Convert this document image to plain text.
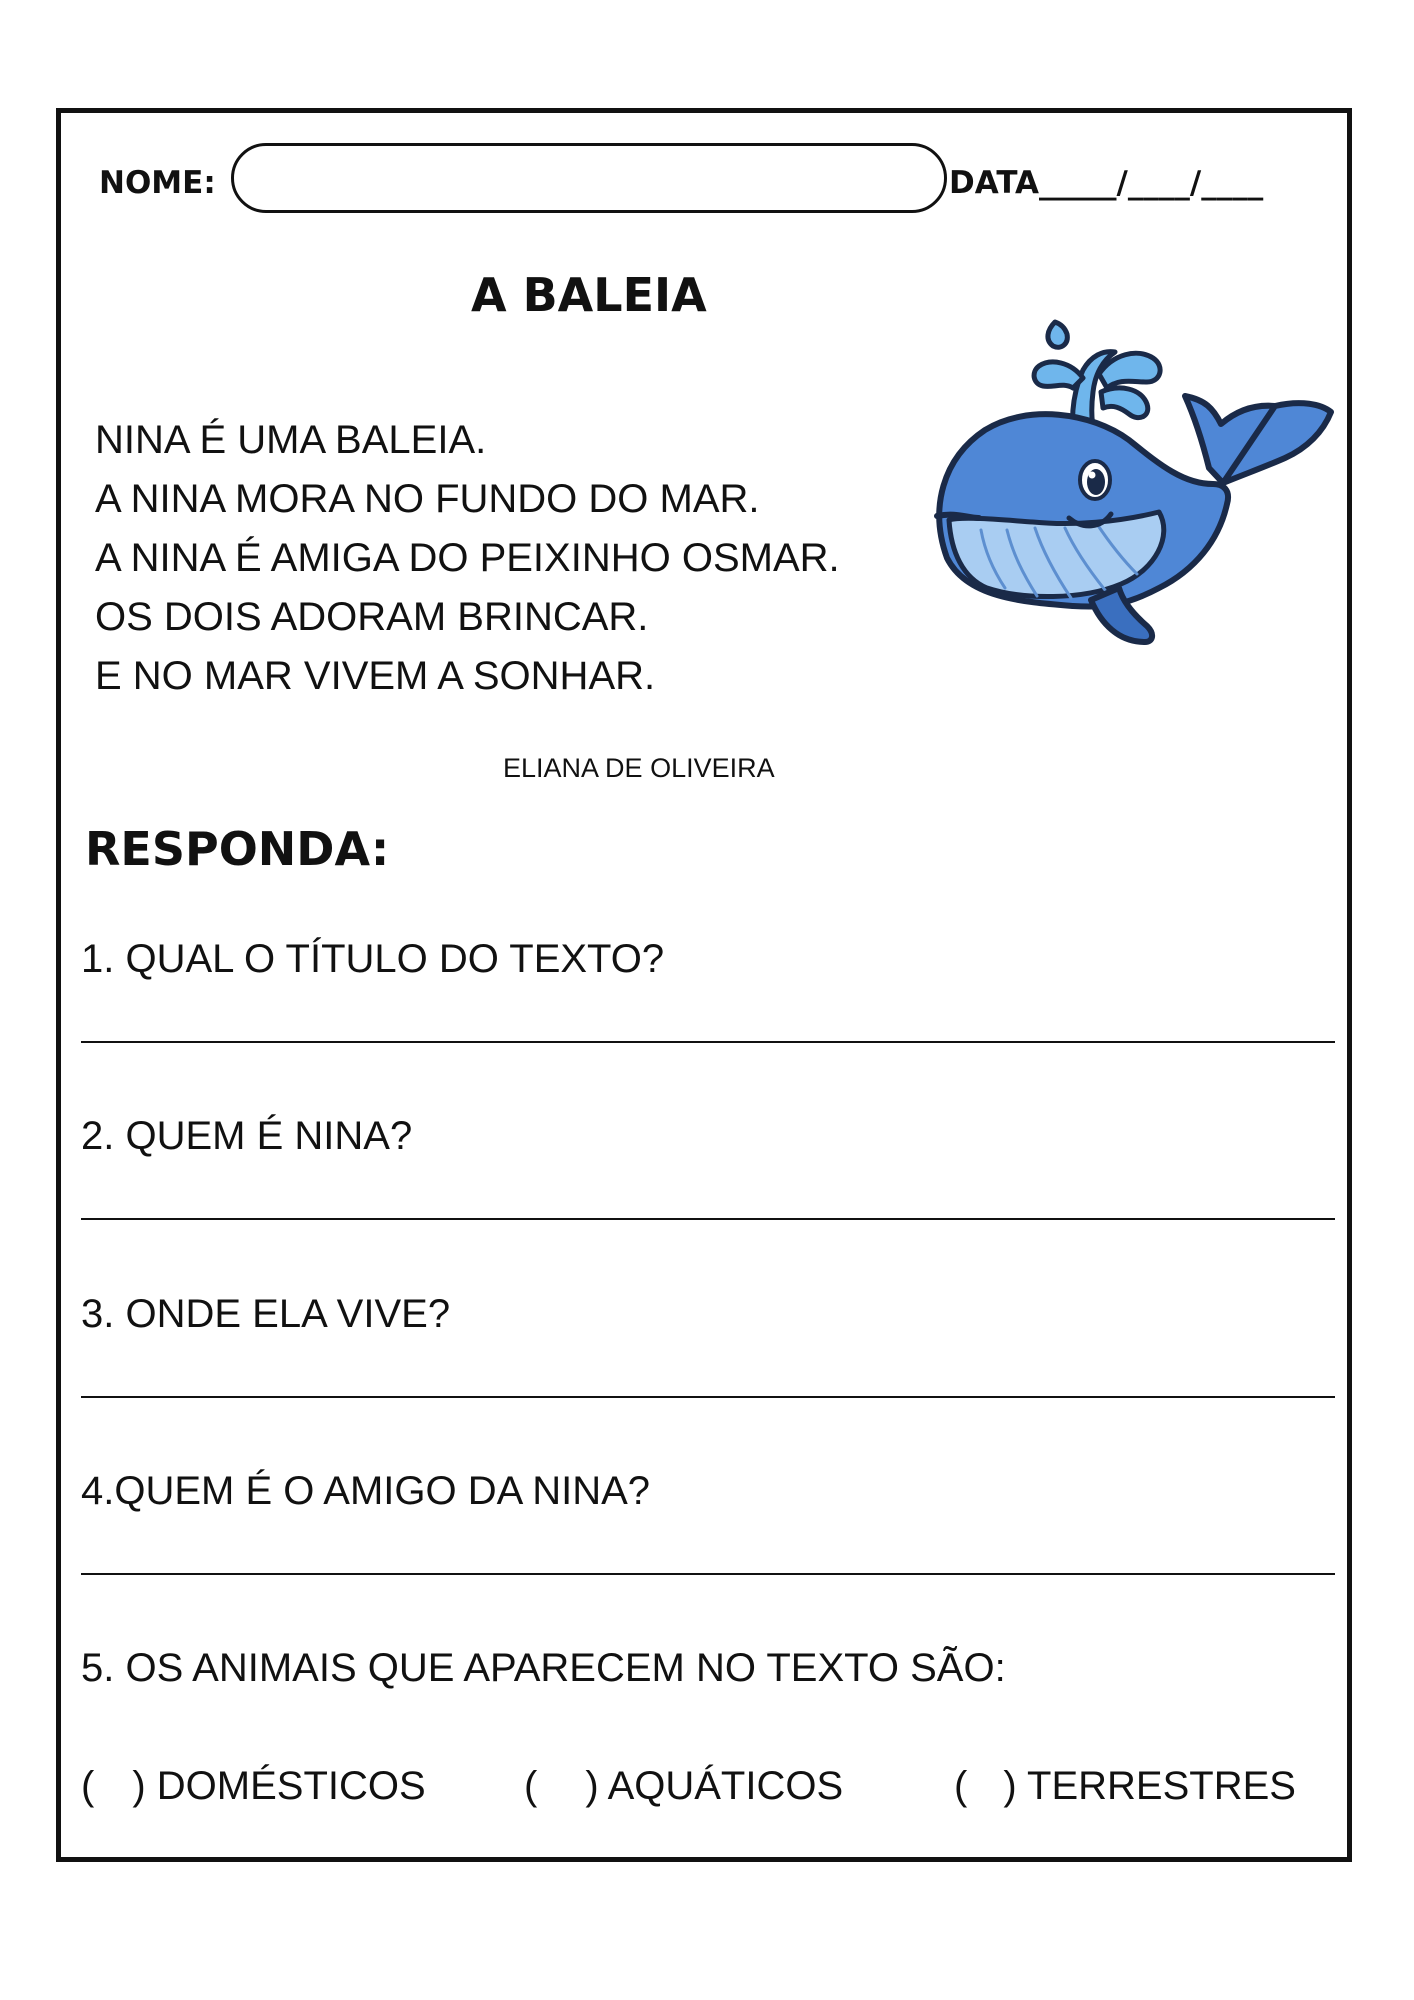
NOME:	DATA_____/____/____
A BALEIA
NINA É UMA BALEIA.
A NINA MORA NO FUNDO DO MAR.
A NINA É AMIGA DO PEIXINHO OSMAR.
OS DOIS ADORAM BRINCAR.
E NO MAR VIVEM A SONHAR.
ELIANA DE OLIVEIRA
RESPONDA:
1. QUAL O TÍTULO DO TEXTO?
2. QUEM É NINA?
3. ONDE ELA VIVE?
4.QUEM É O AMIGO DA NINA?
5. OS ANIMAIS QUE APARECEM NO TEXTO SÃO:
( ) DOMÉSTICOS ( ) AQUÁTICOS	( ) TERRESTRES
